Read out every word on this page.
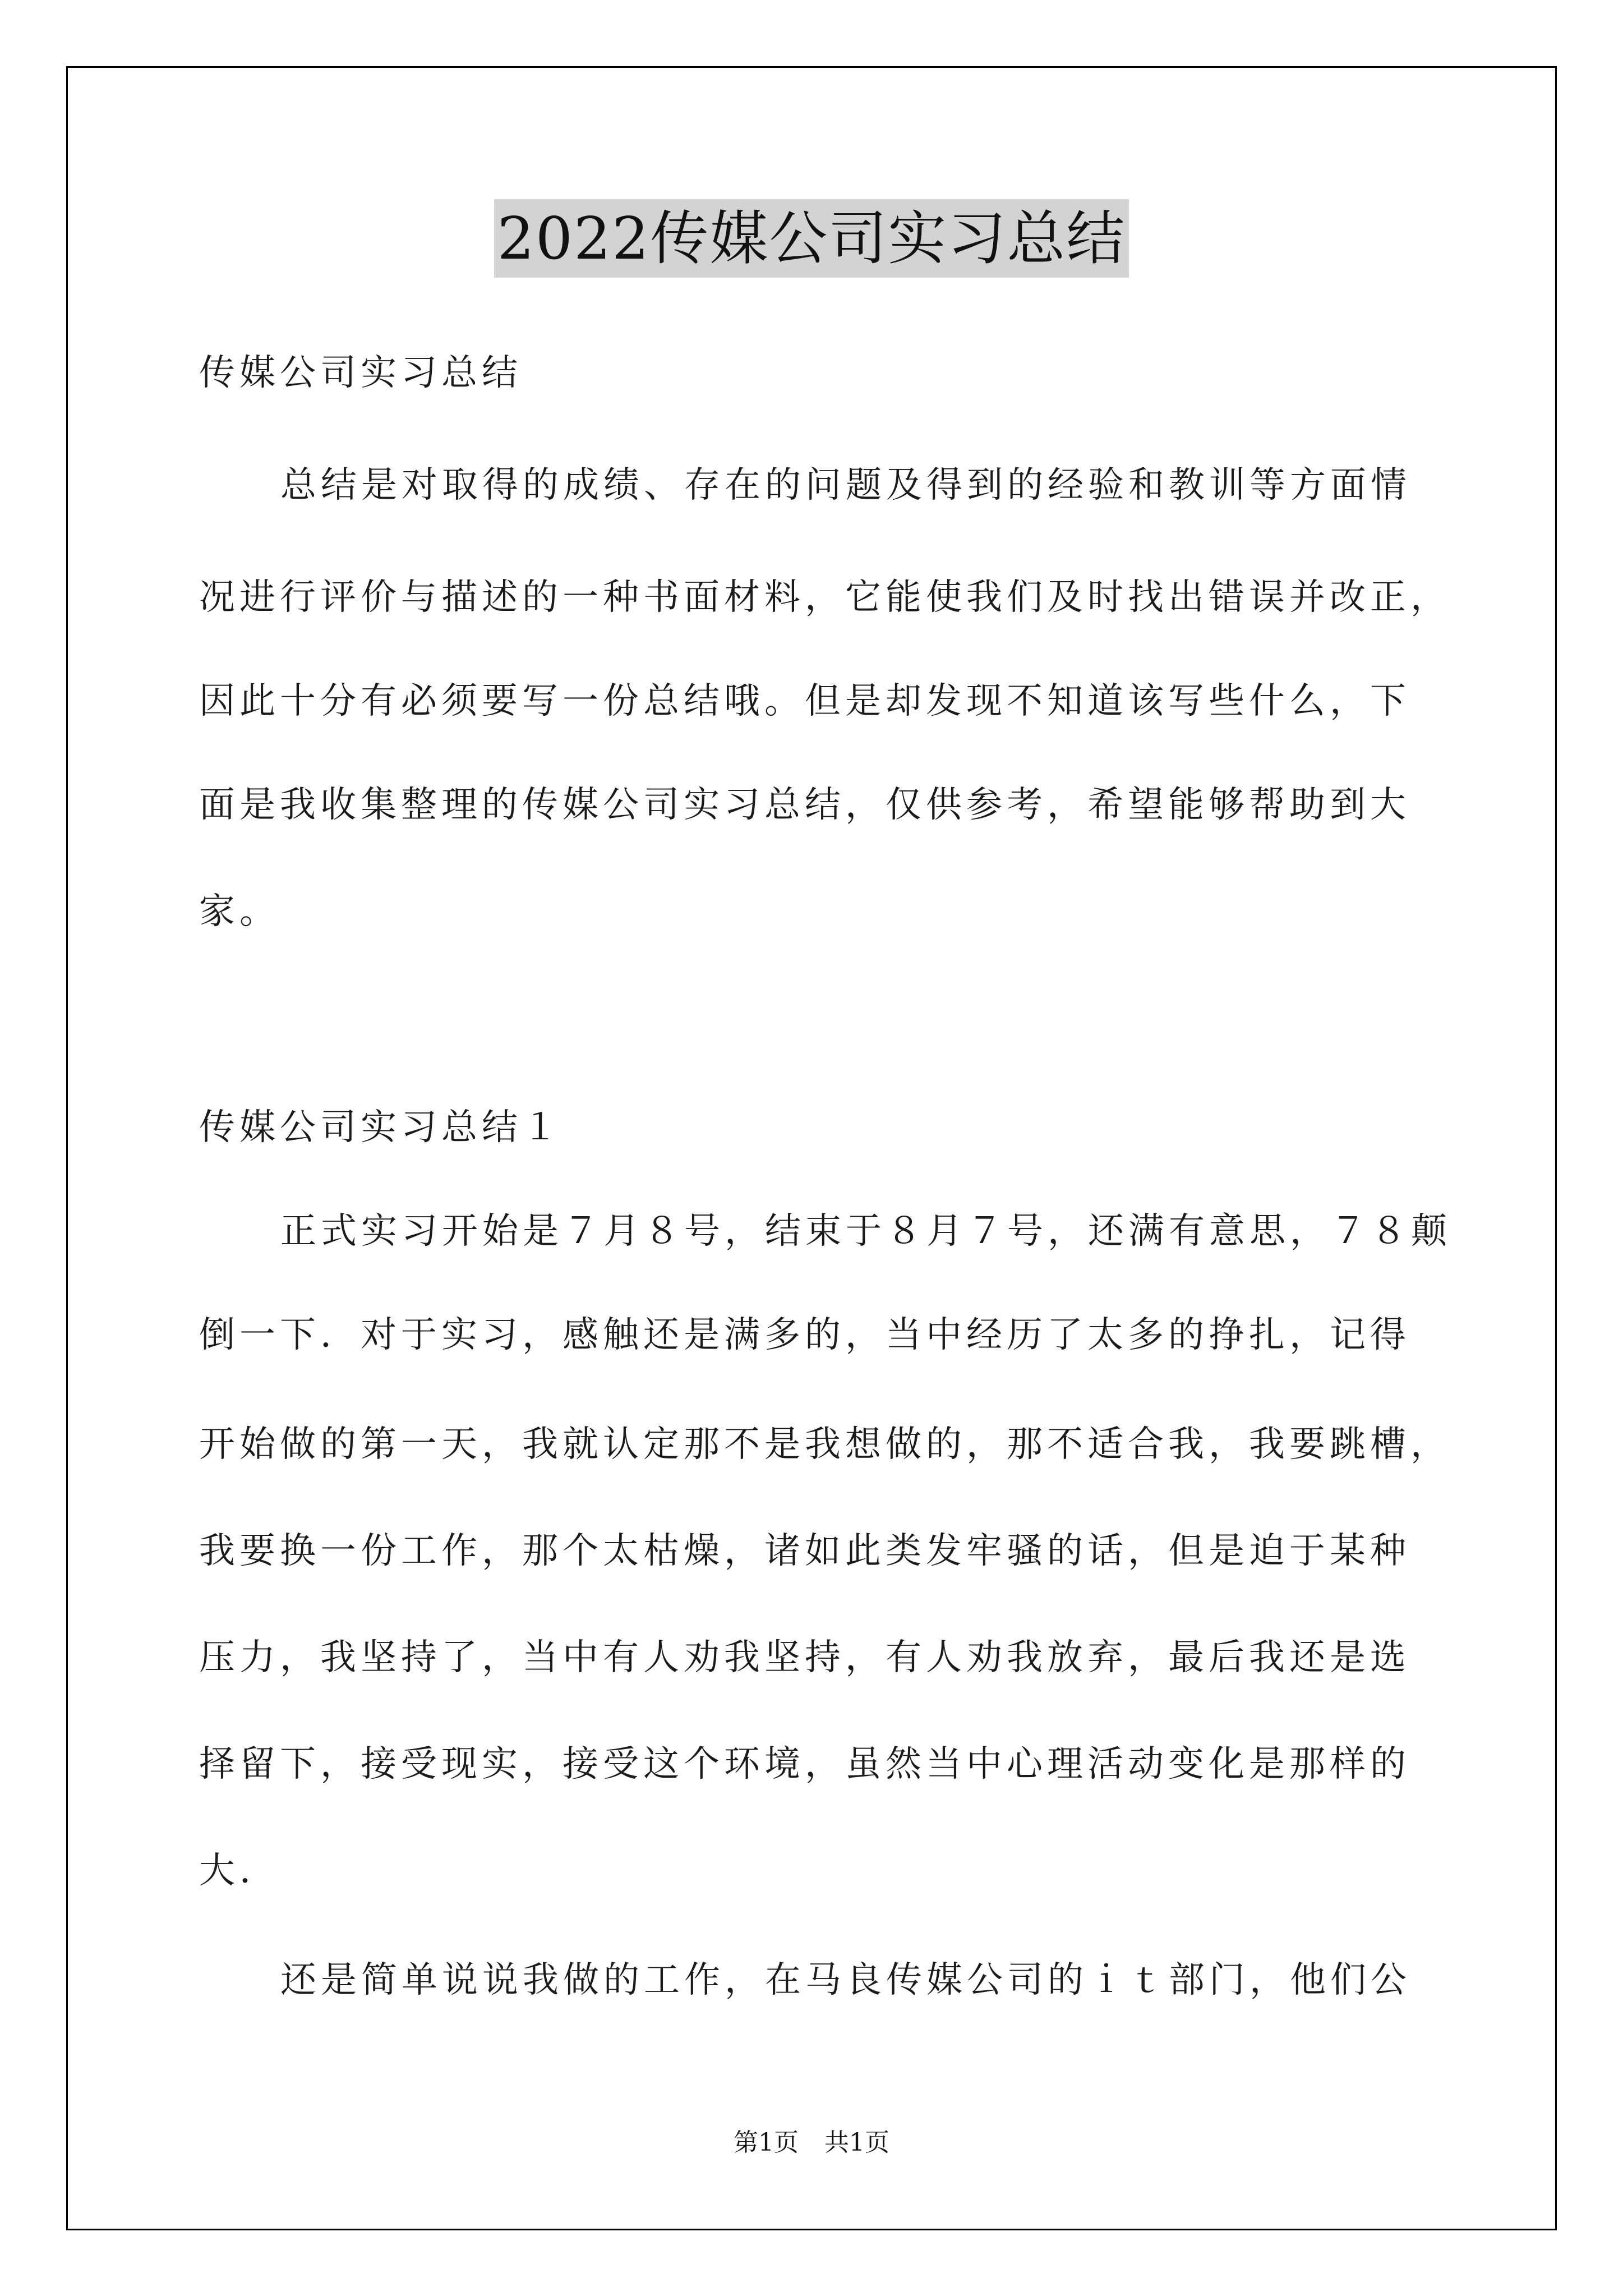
2022传媒公司实习总结
传媒公司实习总结
总结是对取得的成绩、存在的问题及得到的经验和教训等方面情
况进行评价与描述的一种书面材料，它能使我们及时找出错误并改正，
因此十分有必须要写一份总结哦。但是却发现不知道该写些什么，下
面是我收集整理的传媒公司实习总结，仅供参考，希望能够帮助到大
家。
传媒公司实习总结１
正式实习开始是７月８号，结束于８月７号，还满有意思，７８颠
倒一下．对于实习，感触还是满多的，当中经历了太多的挣扎，记得
开始做的第一天，我就认定那不是我想做的，那不适合我，我要跳槽，
我要换一份工作，那个太枯燥，诸如此类发牢骚的话，但是迫于某种
压力，我坚持了，当中有人劝我坚持，有人劝我放弃，最后我还是选
择留下，接受现实，接受这个环境，虽然当中心理活动变化是那样的
大．
还是简单说说我做的工作，在马良传媒公司的ｉｔ部门，他们公
第1页 共1页
